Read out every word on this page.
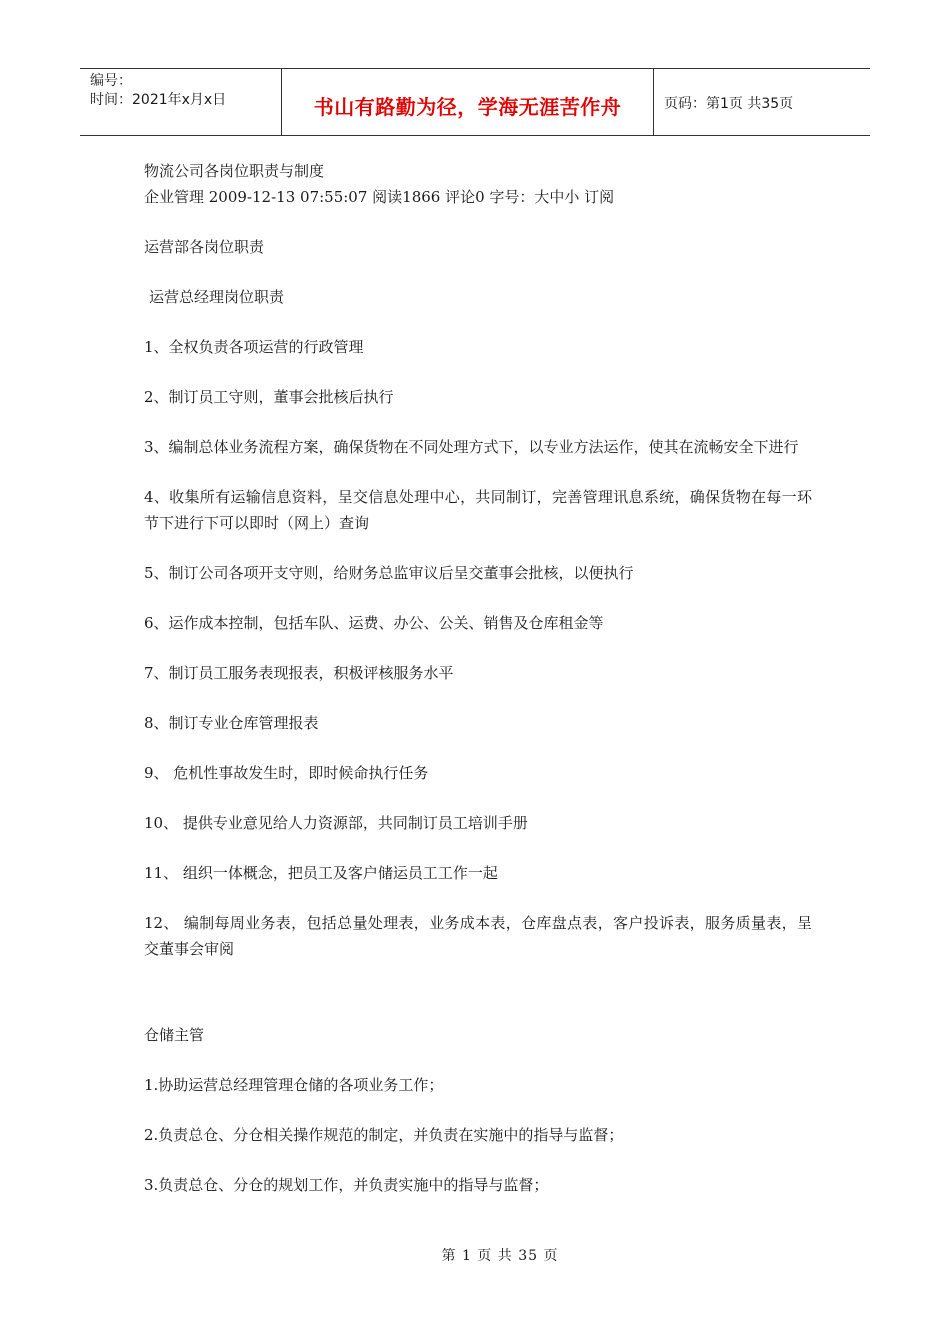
编号：
时间：2021年x月x日	书山有路勤为径，学海无涯苦作舟	页码：第1页 共35页

物流公司各岗位职责与制度

企业管理 2009-12-13 07:55:07 阅读1866 评论0 字号：大中小 订阅

运营部各岗位职责

运营总经理岗位职责

1、全权负责各项运营的行政管理

2、制订员工守则，董事会批核后执行

3、编制总体业务流程方案，确保货物在不同处理方式下，以专业方法运作，使其在流畅安全下进行

4、收集所有运输信息资料，呈交信息处理中心，共同制订，完善管理讯息系统，确保货物在每一环节下进行下可以即时（网上）查询

5、制订公司各项开支守则，给财务总监审议后呈交董事会批核，以便执行

6、运作成本控制，包括车队、运费、办公、公关、销售及仓库租金等

7、制订员工服务表现报表，积极评核服务水平

8、制订专业仓库管理报表

9、 危机性事故发生时，即时候命执行任务

10、 提供专业意见给人力资源部，共同制订员工培训手册

11、 组织一体概念，把员工及客户储运员工工作一起

12、 编制每周业务表，包括总量处理表，业务成本表，仓库盘点表，客户投诉表，服务质量表，呈交董事会审阅

仓储主管

1.协助运营总经理管理仓储的各项业务工作；

2.负责总仓、分仓相关操作规范的制定，并负责在实施中的指导与监督；

3.负责总仓、分仓的规划工作，并负责实施中的指导与监督；

第 1 页 共 35 页
